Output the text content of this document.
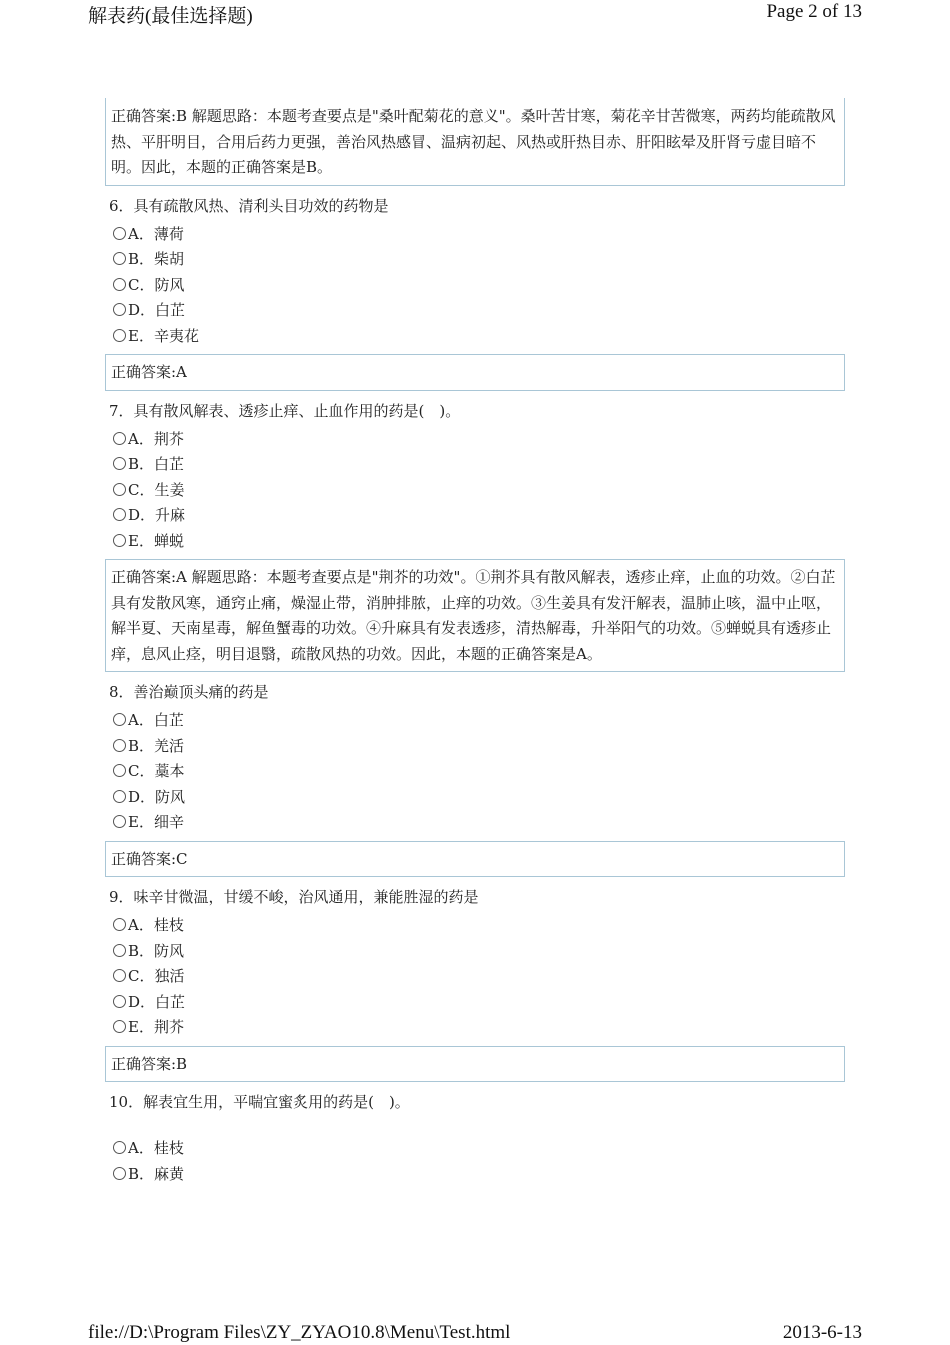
解表药(最佳选择题)	Page 2 of 13
正确答案:B 解题思路：本题考查要点是"桑叶配菊花的意义"。桑叶苦甘寒，菊花辛甘苦微寒，两药均能疏散风热、平肝明目，合用后药力更强，善治风热感冒、温病初起、风热或肝热目赤、肝阳眩晕及肝肾亏虚目暗不明。因此，本题的正确答案是B。
6．具有疏散风热、清利头目功效的药物是
A．薄荷
B．柴胡
C．防风
D．白芷
E．辛夷花
正确答案:A
7．具有散风解表、透疹止痒、止血作用的药是(　)。
A．荆芥
B．白芷
C．生姜
D．升麻
E．蝉蜕
正确答案:A 解题思路：本题考查要点是"荆芥的功效"。①荆芥具有散风解表，透疹止痒，止血的功效。②白芷具有发散风寒，通窍止痛，燥湿止带，消肿排脓，止痒的功效。③生姜具有发汗解表，温肺止咳，温中止呕，解半夏、天南星毒，解鱼蟹毒的功效。④升麻具有发表透疹，清热解毒，升举阳气的功效。⑤蝉蜕具有透疹止痒，息风止痉，明目退翳，疏散风热的功效。因此，本题的正确答案是A。
8．善治巅顶头痛的药是
A．白芷
B．羌活
C．藁本
D．防风
E．细辛
正确答案:C
9．味辛甘微温，甘缓不峻，治风通用，兼能胜湿的药是
A．桂枝
B．防风
C．独活
D．白芷
E．荆芥
正确答案:B
10．解表宜生用，平喘宜蜜炙用的药是(　)。
A．桂枝
B．麻黄
file://D:\Program Files\ZY_ZYAO10.8\Menu\Test.html	2013-6-13
